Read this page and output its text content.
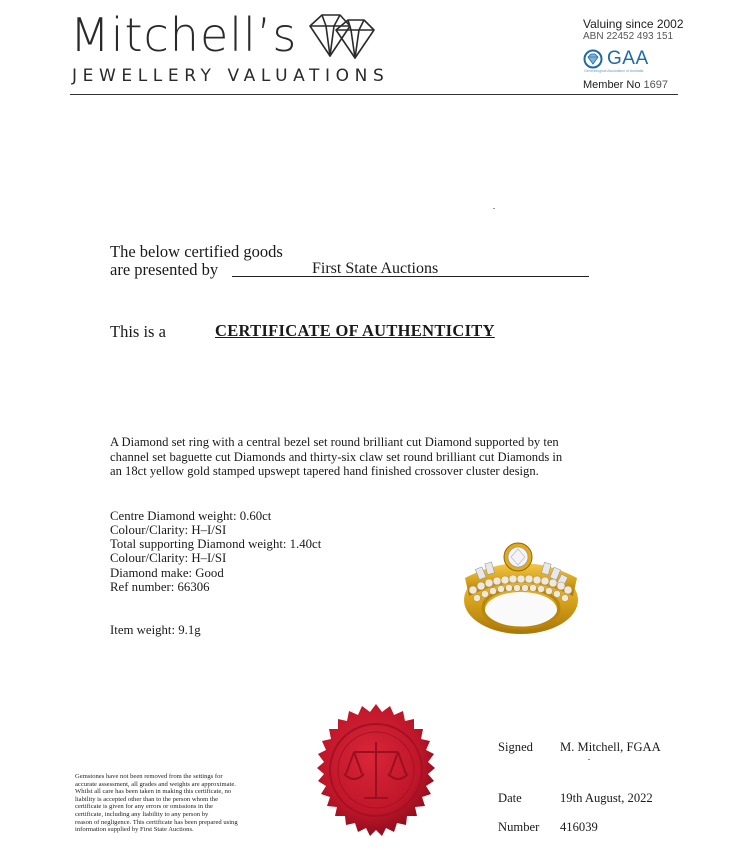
Mitchell’s
JEWELLERY VALUATIONS
Valuing since 2002
ABN 22452 493 151
GAA
Gemmological Association of Australia
Member No 1697
The below certified goods
are presented by	First State Auctions
This is a	CERTIFICATE OF AUTHENTICITY
A Diamond set ring with a central bezel set round brilliant cut Diamond supported by ten
channel set baguette cut Diamonds and thirty-six claw set round brilliant cut Diamonds in
an 18ct yellow gold stamped upswept tapered hand finished crossover cluster design.
Centre Diamond weight: 0.60ct
Colour/Clarity: H–I/SI
Total supporting Diamond weight: 1.40ct
Colour/Clarity: H–I/SI
Diamond make: Good
Ref number: 66306
Item weight: 9.1g
Gemstones have not been removed from the settings for
accurate assessment, all grades and weights are approximate.
Whilst all care has been taken in making this certificate, no
liability is accepted other than to the person whom the
certificate is given for any errors or omissions in the
certificate, including any liability to any person by
reason of negligence. This certificate has been prepared using
information supplied by First State Auctions.
Signed M. Mitchell, FGAA
Date	19th August, 2022
Number 416039
